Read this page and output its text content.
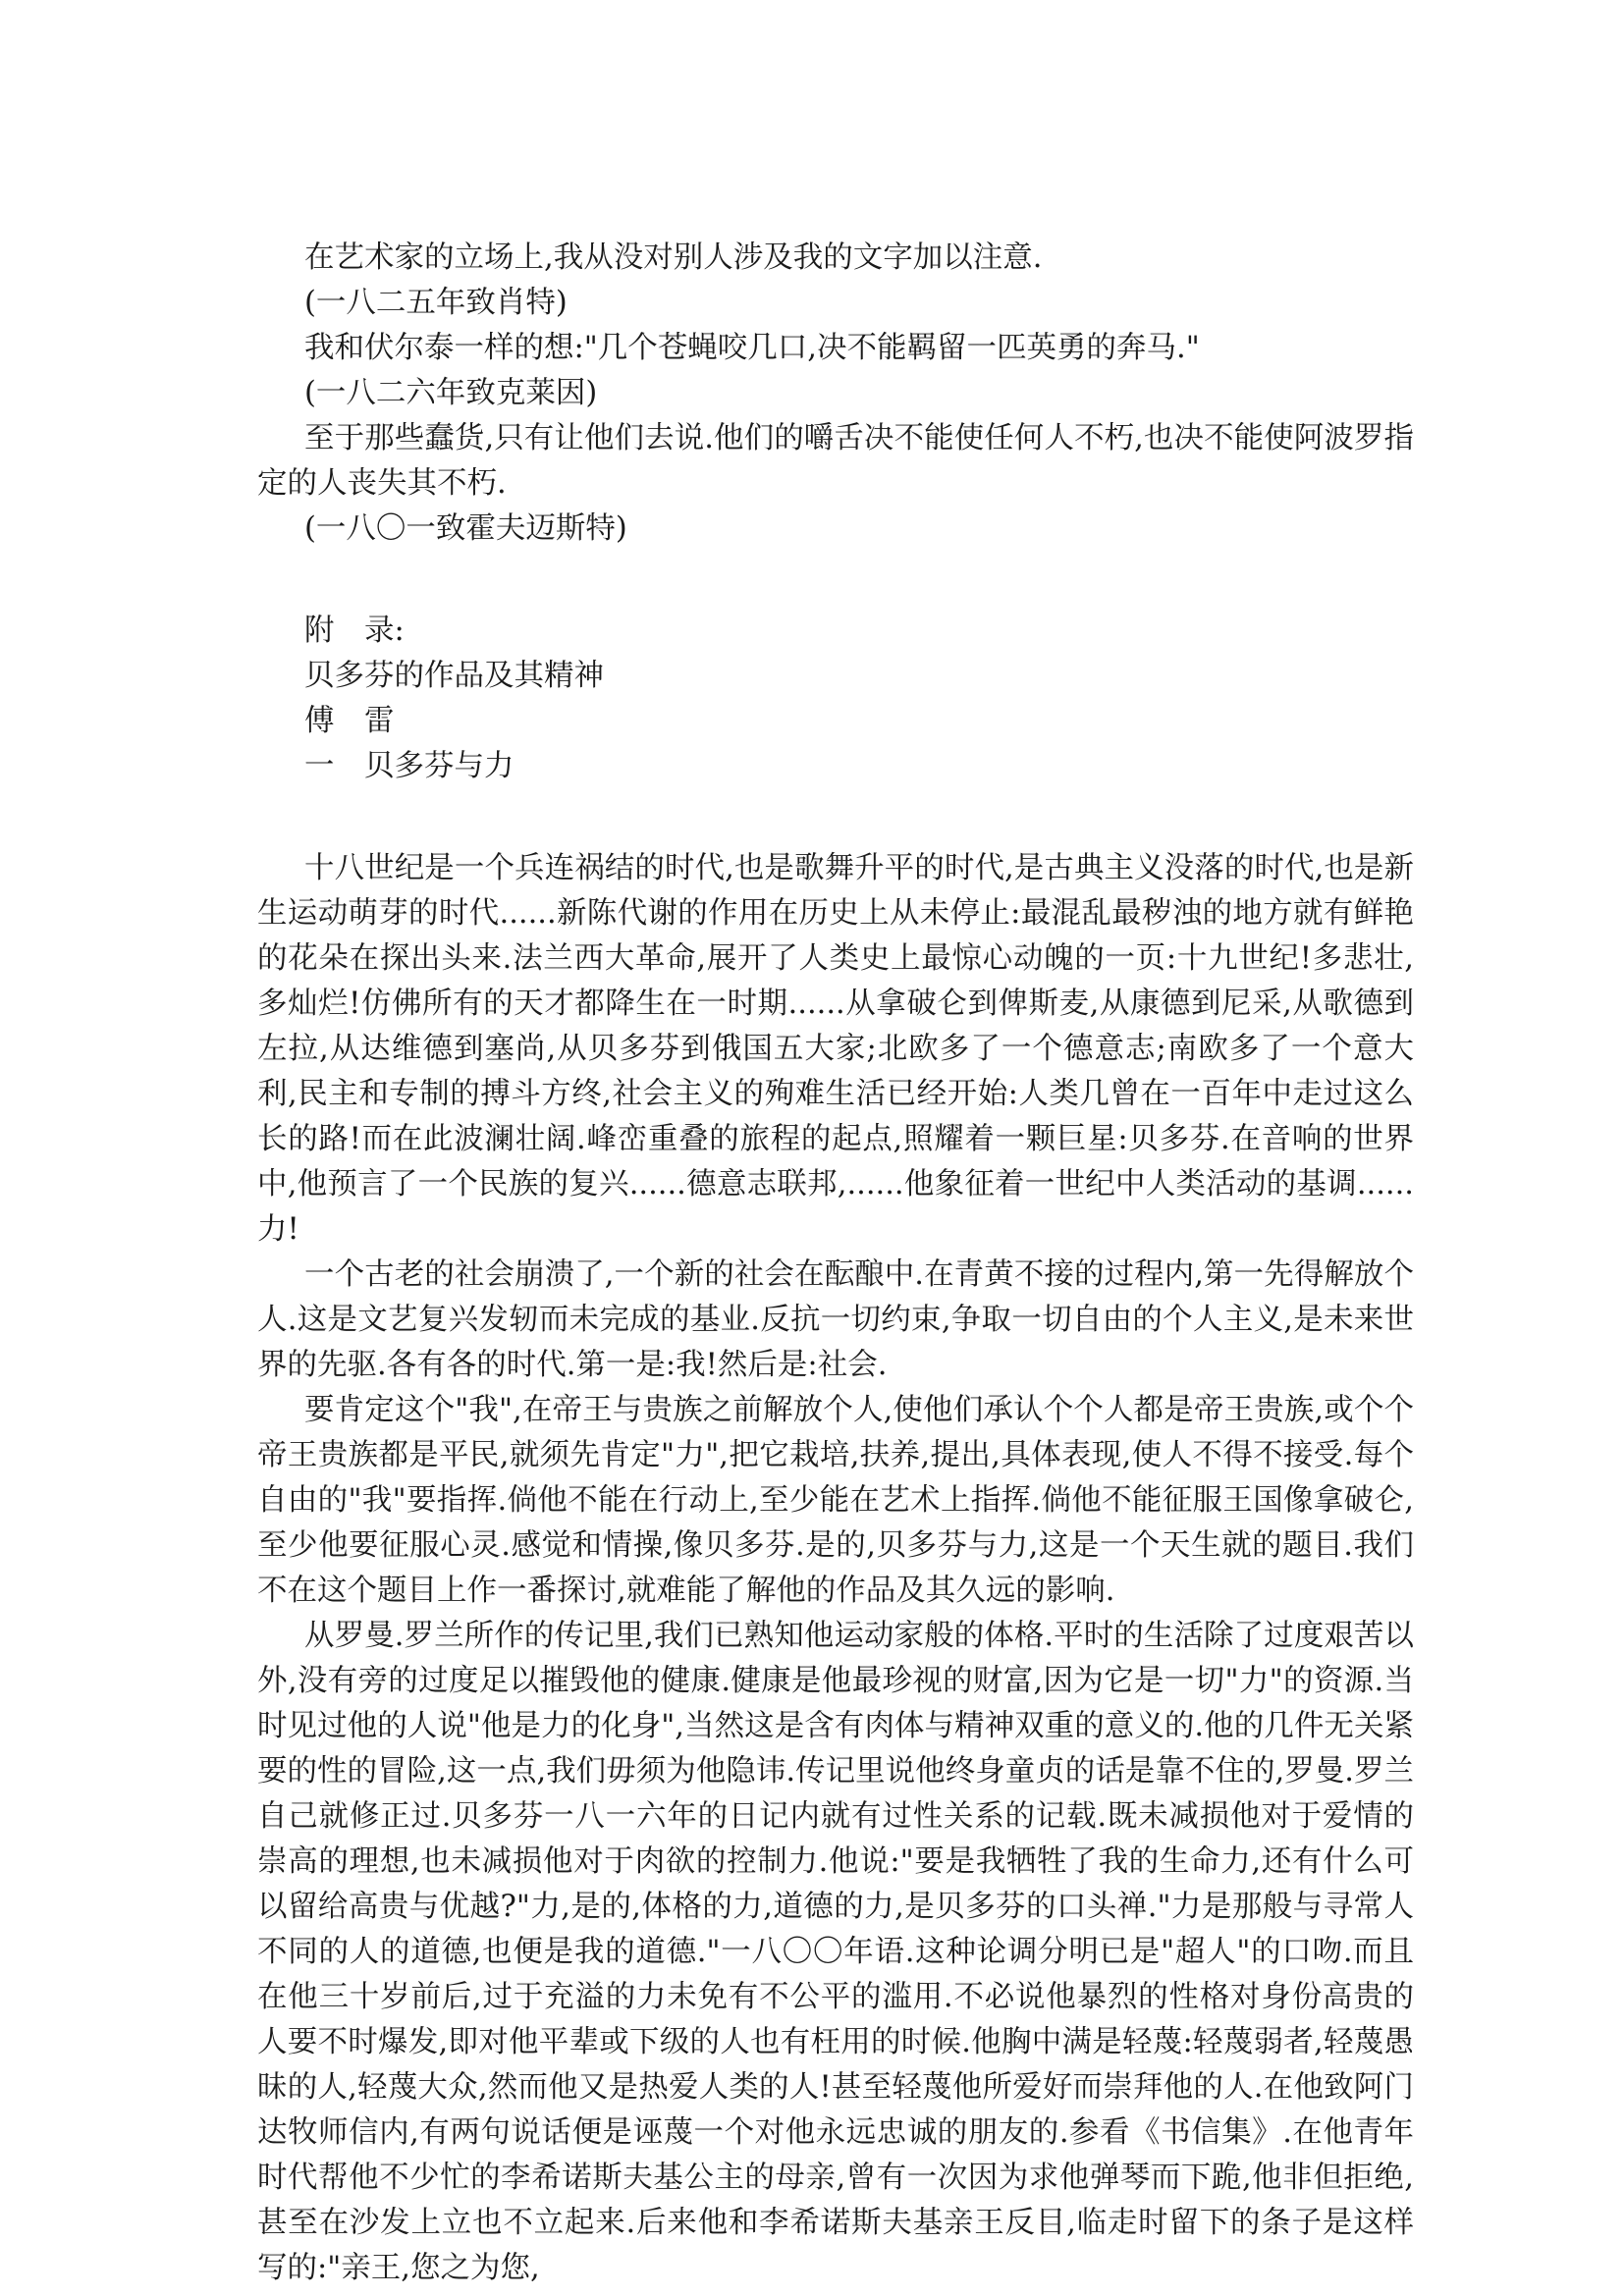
在艺术家的立场上,我从没对别人涉及我的文字加以注意.

(一八二五年致肖特)

我和伏尔泰一样的想:"几个苍蝇咬几口,决不能羁留一匹英勇的奔马."

(一八二六年致克莱因)

至于那些蠢货,只有让他们去说.他们的嚼舌决不能使任何人不朽,也决不能使阿波罗指定的人丧失其不朽.

(一八〇一致霍夫迈斯特)

附　录:

贝多芬的作品及其精神

傅　雷

一　贝多芬与力

十八世纪是一个兵连祸结的时代,也是歌舞升平的时代,是古典主义没落的时代,也是新生运动萌芽的时代......新陈代谢的作用在历史上从未停止:最混乱最秽浊的地方就有鲜艳的花朵在探出头来.法兰西大革命,展开了人类史上最惊心动魄的一页:十九世纪!多悲壮,多灿烂!仿佛所有的天才都降生在一时期......从拿破仑到俾斯麦,从康德到尼采,从歌德到左拉,从达维德到塞尚,从贝多芬到俄国五大家;北欧多了一个德意志;南欧多了一个意大利,民主和专制的搏斗方终,社会主义的殉难生活已经开始:人类几曾在一百年中走过这么长的路!而在此波澜壮阔.峰峦重叠的旅程的起点,照耀着一颗巨星:贝多芬.在音响的世界中,他预言了一个民族的复兴......德意志联邦,......他象征着一世纪中人类活动的基调......力!

一个古老的社会崩溃了,一个新的社会在酝酿中.在青黄不接的过程内,第一先得解放个人.这是文艺复兴发轫而未完成的基业.反抗一切约束,争取一切自由的个人主义,是未来世界的先驱.各有各的时代.第一是:我!然后是:社会.

要肯定这个"我",在帝王与贵族之前解放个人,使他们承认个个人都是帝王贵族,或个个帝王贵族都是平民,就须先肯定"力",把它栽培,扶养,提出,具体表现,使人不得不接受.每个自由的"我"要指挥.倘他不能在行动上,至少能在艺术上指挥.倘他不能征服王国像拿破仑,至少他要征服心灵.感觉和情操,像贝多芬.是的,贝多芬与力,这是一个天生就的题目.我们不在这个题目上作一番探讨,就难能了解他的作品及其久远的影响.

从罗曼.罗兰所作的传记里,我们已熟知他运动家般的体格.平时的生活除了过度艰苦以外,没有旁的过度足以摧毁他的健康.健康是他最珍视的财富,因为它是一切"力"的资源.当时见过他的人说"他是力的化身",当然这是含有肉体与精神双重的意义的.他的几件无关紧要的性的冒险,这一点,我们毋须为他隐讳.传记里说他终身童贞的话是靠不住的,罗曼.罗兰自己就修正过.贝多芬一八一六年的日记内就有过性关系的记载.既未减损他对于爱情的崇高的理想,也未减损他对于肉欲的控制力.他说:"要是我牺牲了我的生命力,还有什么可以留给高贵与优越?"力,是的,体格的力,道德的力,是贝多芬的口头禅."力是那般与寻常人不同的人的道德,也便是我的道德."一八〇〇年语.这种论调分明已是"超人"的口吻.而且在他三十岁前后,过于充溢的力未免有不公平的滥用.不必说他暴烈的性格对身份高贵的人要不时爆发,即对他平辈或下级的人也有枉用的时候.他胸中满是轻蔑:轻蔑弱者,轻蔑愚昧的人,轻蔑大众,然而他又是热爱人类的人!甚至轻蔑他所爱好而崇拜他的人.在他致阿门达牧师信内,有两句说话便是诬蔑一个对他永远忠诚的朋友的.参看《书信集》.在他青年时代帮他不少忙的李希诺斯夫基公主的母亲,曾有一次因为求他弹琴而下跪,他非但拒绝,甚至在沙发上立也不立起来.后来他和李希诺斯夫基亲王反目,临走时留下的条子是这样写的:"亲王,您之为您,
